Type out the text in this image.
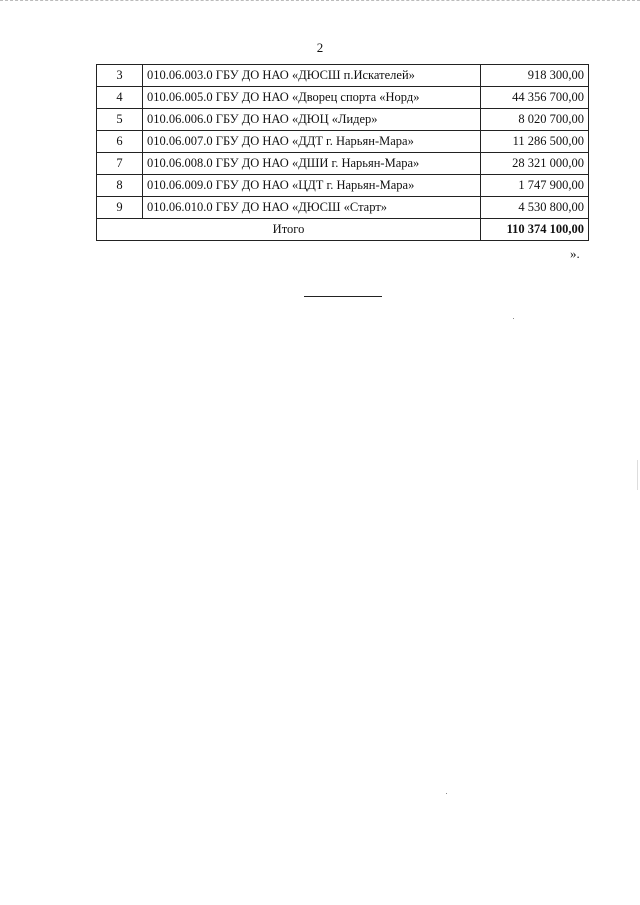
2
3	010.06.003.0 ГБУ ДО НАО «ДЮСШ п.Искателей»	918 300,00
4	010.06.005.0 ГБУ ДО НАО «Дворец спорта «Норд»	44 356 700,00
5	010.06.006.0 ГБУ ДО НАО «ДЮЦ «Лидер»	8 020 700,00
6	010.06.007.0 ГБУ ДО НАО «ДДТ г. Нарьян-Мара»	11 286 500,00
7	010.06.008.0 ГБУ ДО НАО «ДШИ г. Нарьян-Мара»	28 321 000,00
8	010.06.009.0 ГБУ ДО НАО «ЦДТ г. Нарьян-Мара»	1 747 900,00
9	010.06.010.0 ГБУ ДО НАО «ДЮСШ «Старт»	4 530 800,00
Итого		110 374 100,00
».
